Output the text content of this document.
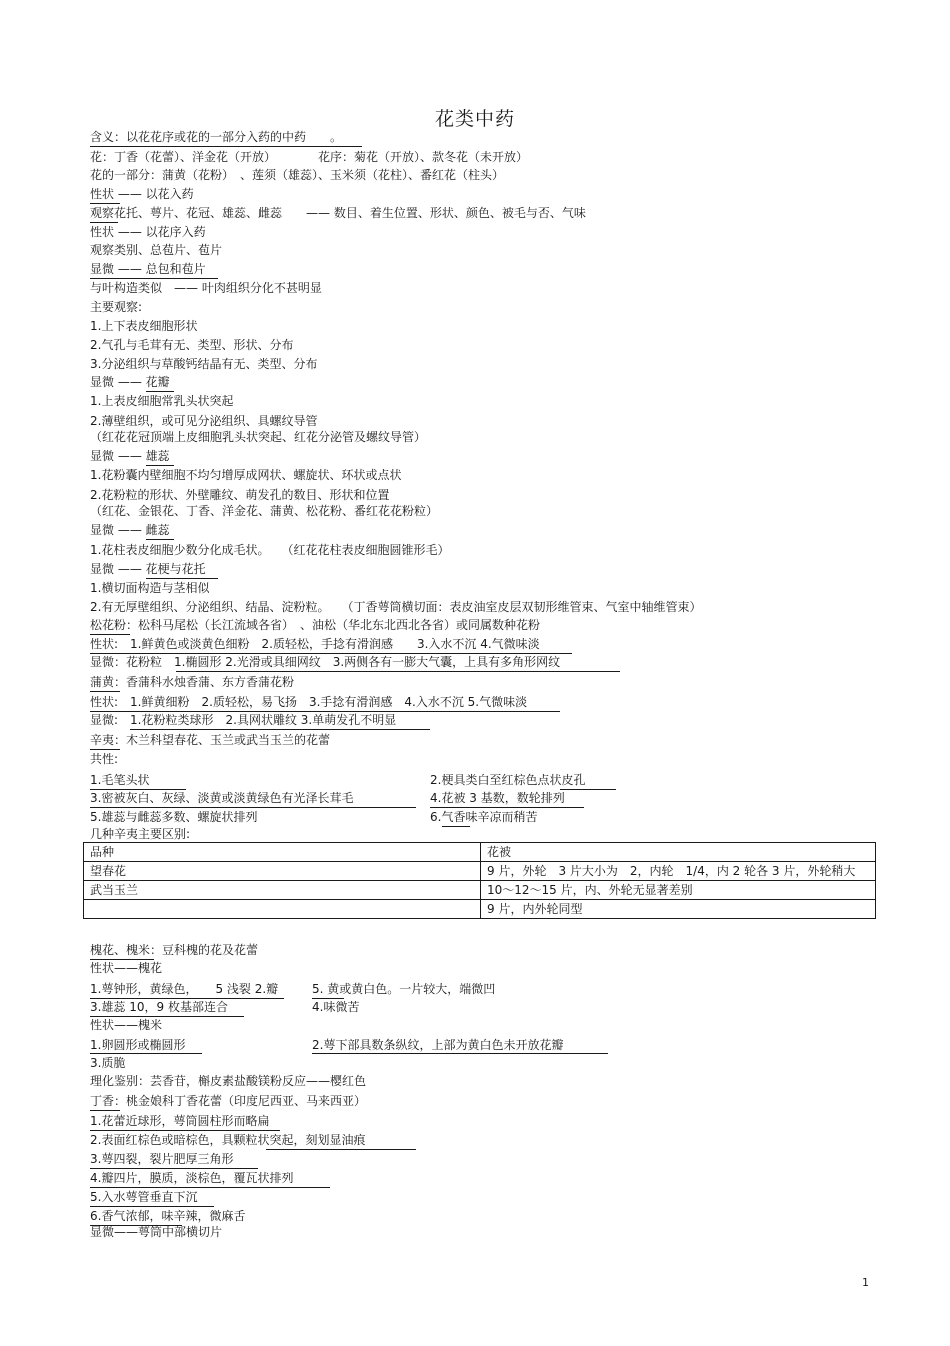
花类中药
含义：以花花序或花的一部分入药的中药　　。
花：丁香（花蕾）、洋金花（开放）　　　　花序：菊花（开放）、款冬花（未开放）
花的一部分：蒲黄（花粉）　、莲须（雄蕊）、玉米须（花柱）、番红花（柱头）
性状 —— 以花入药
观察花托、萼片、花冠、雄蕊、雌蕊　　—— 数目、着生位置、形状、颜色、被毛与否、气味
性状 —— 以花序入药
观察类别、总苞片、苞片
显微 —— 总包和苞片
与叶构造类似　—— 叶肉组织分化不甚明显
主要观察:
1.上下表皮细胞形状
2.气孔与毛茸有无、类型、形状、分布
3.分泌组织与草酸钙结晶有无、类型、分布
显微 —— 花瓣
1.上表皮细胞常乳头状突起
2.薄壁组织，或可见分泌组织、具螺纹导管
（红花花冠顶端上皮细胞乳头状突起、红花分泌管及螺纹导管）
显微 —— 雄蕊
1.花粉囊内壁细胞不均匀增厚成网状、螺旋状、环状或点状
2.花粉粒的形状、外壁雕纹、萌发孔的数目、形状和位置
（红花、金银花、丁香、洋金花、蒲黄、松花粉、番红花花粉粒）
显微 —— 雌蕊
1.花柱表皮细胞少数分化成毛状。　　（红花花柱表皮细胞圆锥形毛）
显微 —— 花梗与花托
1.横切面构造与茎相似
2.有无厚壁组织、分泌组织、结晶、淀粉粒。　　（丁香萼筒横切面：表皮油室皮层双韧形维管束、气室中轴维管束）
松花粉：松科马尾松（长江流域各省）　、油松（华北东北西北各省）或同属数种花粉
性状:　1.鲜黄色或淡黄色细粉　2.质轻松，手捻有滑润感　　3.入水不沉 4.气微味淡
显微：花粉粒　1.椭圆形 2.光滑或具细网纹　3.两侧各有一膨大气囊，上具有多角形网纹
蒲黄：香蒲科水烛香蒲、东方香蒲花粉
性状:　1.鲜黄细粉　2.质轻松，易飞扬　3.手捻有滑润感　4.入水不沉 5.气微味淡
显微:　1.花粉粒类球形　2.具网状雕纹 3.单萌发孔不明显
辛夷：木兰科望春花、玉兰或武当玉兰的花蕾
共性:
1.毛笔头状	2.梗具类白至红棕色点状皮孔
3.密被灰白、灰绿、淡黄或淡黄绿色有光泽长茸毛	4.花被 3 基数，数轮排列
5.雄蕊与雌蕊多数、螺旋状排列	6.气香味辛凉而稍苦
几种辛夷主要区别:
品种	花被
望春花	9 片，外轮　3 片大小为　2，内轮　1/4，内 2 轮各 3 片，外轮稍大
武当玉兰	10～12～15 片，内、外轮无显著差别
	9 片，内外轮同型
槐花、槐米：豆科槐的花及花蕾
性状——槐花
1.萼钟形，黄绿色，　　5 浅裂 2.瓣	5. 黄或黄白色。一片较大，端微凹
3.雄蕊 10，9 枚基部连合	4.味微苦
性状——槐米
1.卵圆形或椭圆形	2.萼下部具数条纵纹，上部为黄白色未开放花瓣
3.质脆
理化鉴别：芸香苷，槲皮素盐酸镁粉反应——樱红色
丁香：桃金娘科丁香花蕾（印度尼西亚、马来西亚）
1.花蕾近球形，萼筒圆柱形而略扁
2.表面红棕色或暗棕色，具颗粒状突起，刻划显油痕
3.萼四裂，裂片肥厚三角形
4.瓣四片，膜质，淡棕色，覆瓦状排列
5.入水萼管垂直下沉
6.香气浓郁，味辛辣，微麻舌
显微——萼筒中部横切片
1
